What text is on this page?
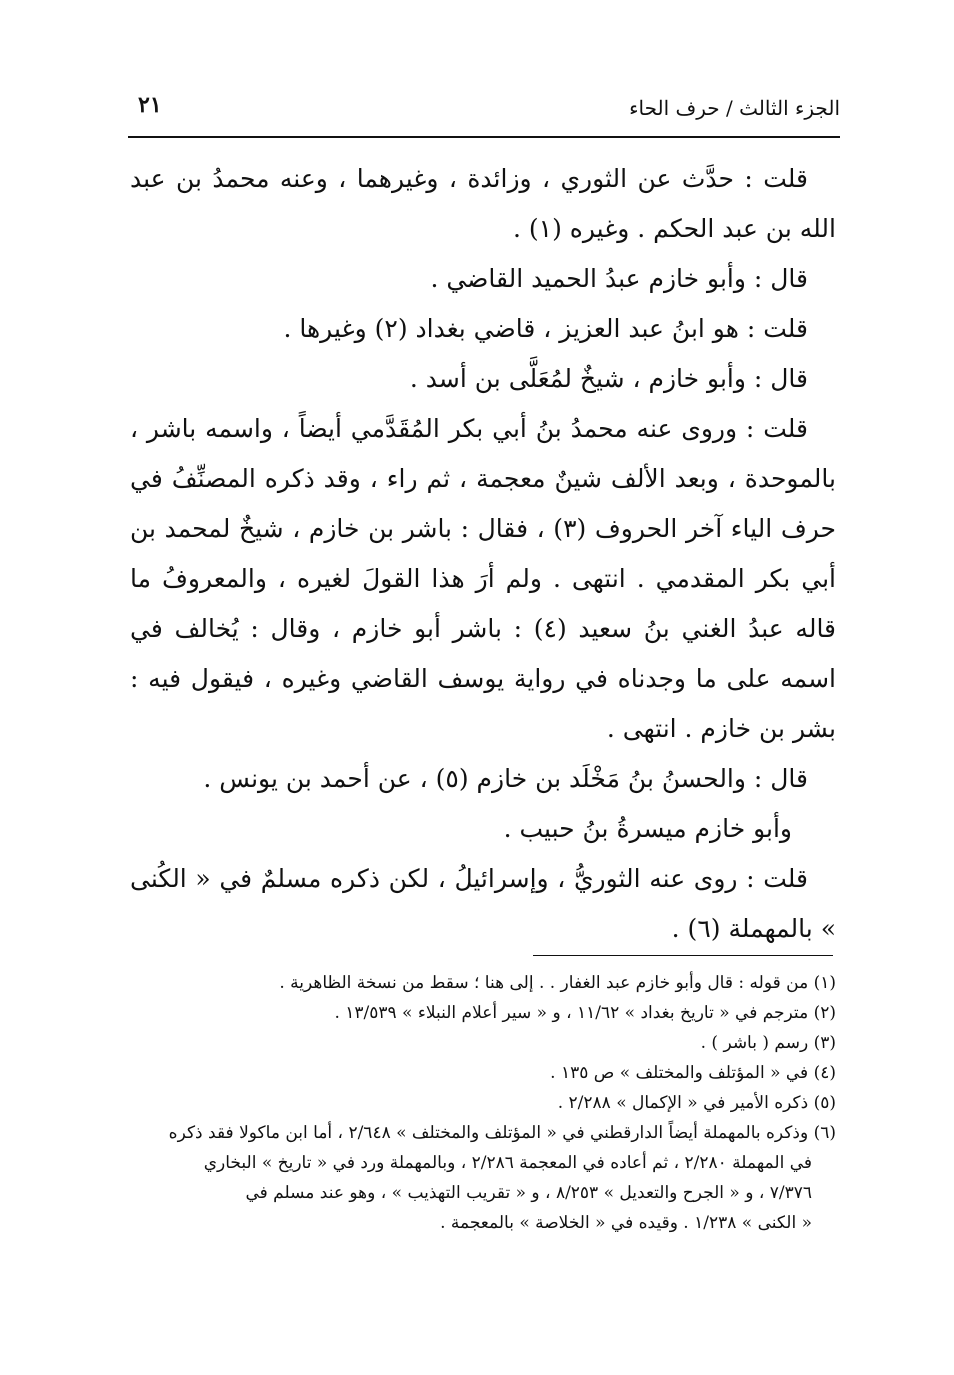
الجزء الثالث / حرف الحاء
٢١

قلت : حدَّث عن الثوري ، وزائدة ، وغيرهما ، وعنه محمدُ بن عبد الله بن عبد الحكم . وغيره (١) .

قال : وأبو خازم عبدُ الحميد القاضي .

قلت : هو ابنُ عبد العزيز ، قاضي بغداد (٢) وغيرها .

قال : وأبو خازم ، شيخٌ لمُعَلَّى بن أسد .

قلت : وروى عنه محمدُ بنُ أبي بكر المُقَدَّمي أيضاً ، واسمه باشر ، بالموحدة ، وبعد الألف شينٌ معجمة ، ثم راء ، وقد ذكره المصنِّفُ في حرف الياء آخر الحروف (٣) ، فقال : باشر بن خازم ، شيخٌ لمحمد بن أبي بكر المقدمي . انتهى . ولم أرَ هذا القولَ لغيره ، والمعروفُ ما قاله عبدُ الغني بنُ سعيد (٤) : باشر أبو خازم ، وقال : يُخالف في اسمه على ما وجدناه في رواية يوسف القاضي وغيره ، فيقول فيه : بشر بن خازم . انتهى .

قال : والحسنُ بنُ مَخْلَد بن خازم (٥) ، عن أحمد بن يونس .

وأبو خازم ميسرةُ بنُ حبيب .

قلت : روى عنه الثوريُّ ، وإسرائيلُ ، لكن ذكره مسلمٌ في « الكُنى » بالمهملة (٦) .

(١) من قوله : قال وأبو خازم عبد الغفار . . إلى هنا ؛ سقط من نسخة الظاهرية .

(٢) مترجم في « تاريخ بغداد » ١١/٦٢ ، و « سير أعلام النبلاء » ١٣/٥٣٩ .

(٣) رسم ( باشر ) .

(٤) في « المؤتلف والمختلف » ص ١٣٥ .

(٥) ذكره الأمير في « الإكمال » ٢/٢٨٨ .

(٦) وذكره بالمهملة أيضاً الدارقطني في « المؤتلف والمختلف » ٢/٦٤٨ ، أما ابن ماكولا فقد ذكره

في المهملة ٢/٢٨٠ ، ثم أعاده في المعجمة ٢/٢٨٦ ، وبالمهملة ورد في « تاريخ » البخاري

٧/٣٧٦ ، و « الجرح والتعديل » ٨/٢٥٣ ، و « تقريب التهذيب » ، وهو عند مسلم في

« الكنى » ١/٢٣٨ . وقيده في « الخلاصة » بالمعجمة .
